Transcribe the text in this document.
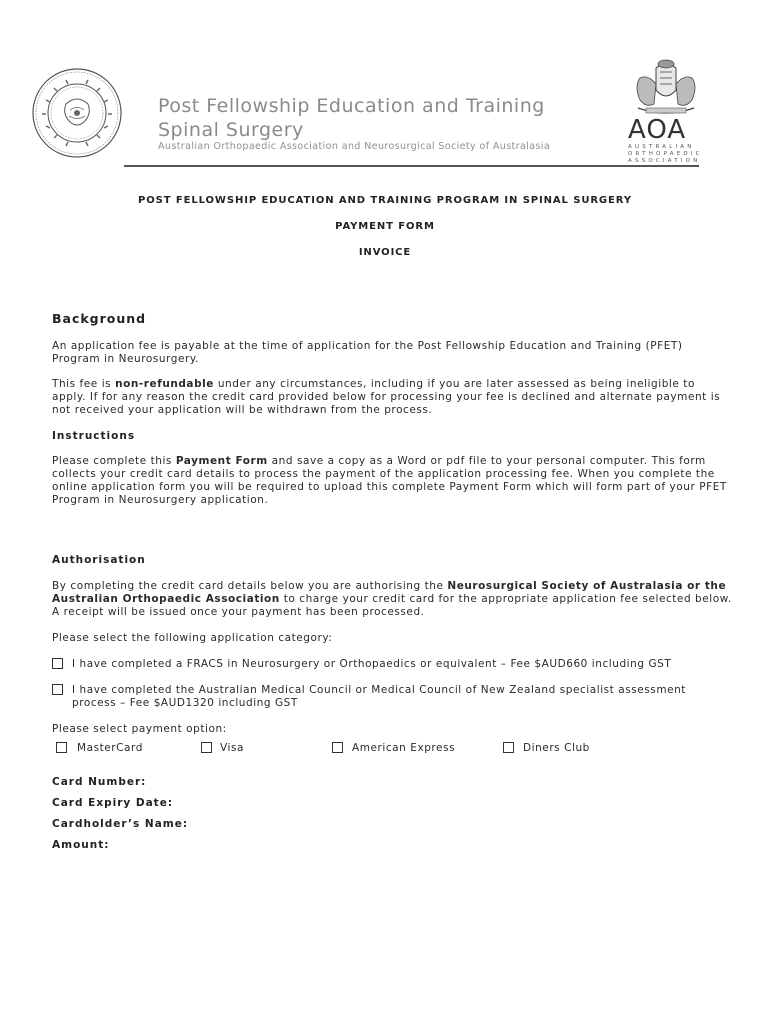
Post Fellowship Education and Training
Spinal Surgery
Australian Orthopaedic Association and Neurosurgical Society of Australasia
AOA
AUSTRALIAN
ORTHOPAEDIC
ASSOCIATION
POST FELLOWSHIP EDUCATION AND TRAINING PROGRAM IN SPINAL SURGERY
PAYMENT FORM
INVOICE
Background
An application fee is payable at the time of application for the Post Fellowship Education and Training (PFET) Program in Neurosurgery.
This fee is non-refundable under any circumstances, including if you are later assessed as being ineligible to apply. If for any reason the credit card provided below for processing your fee is declined and alternate payment is not received your application will be withdrawn from the process.
Instructions
Please complete this Payment Form and save a copy as a Word or pdf file to your personal computer. This form collects your credit card details to process the payment of the application processing fee. When you complete the online application form you will be required to upload this complete Payment Form which will form part of your PFET Program in Neurosurgery application.
Authorisation
By completing the credit card details below you are authorising the Neurosurgical Society of Australasia or the Australian Orthopaedic Association to charge your credit card for the appropriate application fee selected below. A receipt will be issued once your payment has been processed.
Please select the following application category:
I have completed a FRACS in Neurosurgery or Orthopaedics or equivalent – Fee $AUD660 including GST
I have completed the Australian Medical Council or Medical Council of New Zealand specialist assessment process – Fee $AUD1320 including GST
Please select payment option:
MasterCard	Visa	American Express	Diners Club
Card Number:
Card Expiry Date:
Cardholder’s Name:
Amount:
